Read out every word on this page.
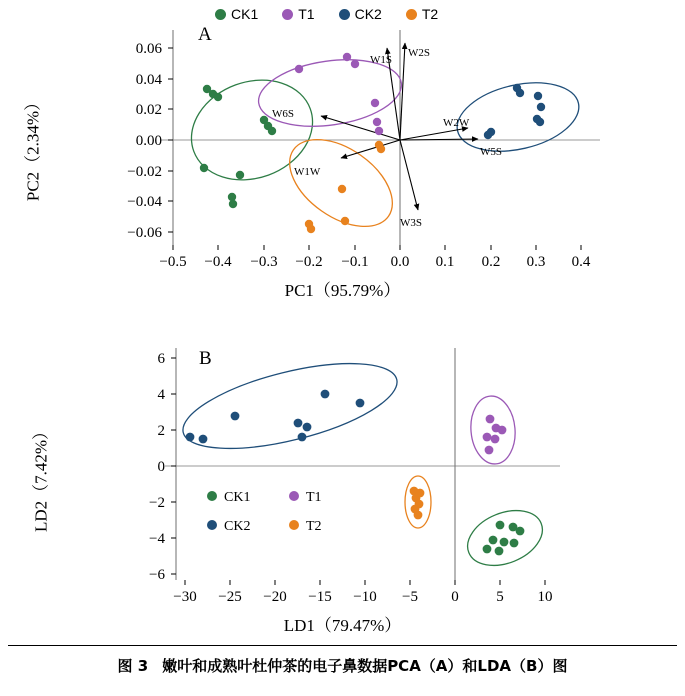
CK1	T1	CK2	T2
PC2（2.34%）
PC1（95.79%）
−0.5 −0.4 −0.3 −0.2 −0.1 0.0 0.1 0.2 0.3 0.4
0.06
0.04
0.02
0.00
−0.02
−0.04
−0.06
A
W1S
W2S
W6S
W2W
W5S
W1W
W3S
LD2（7.42%）
LD1（79.47%）
−30 −25 −20 −15 −10 −5 0	5 10
6
4
2
0
−2
−4
−6
B
CK1	T1
CK2	T2
图 3 嫩叶和成熟叶杜仲茶的电子鼻数据PCA（A）和LDA（B）图
